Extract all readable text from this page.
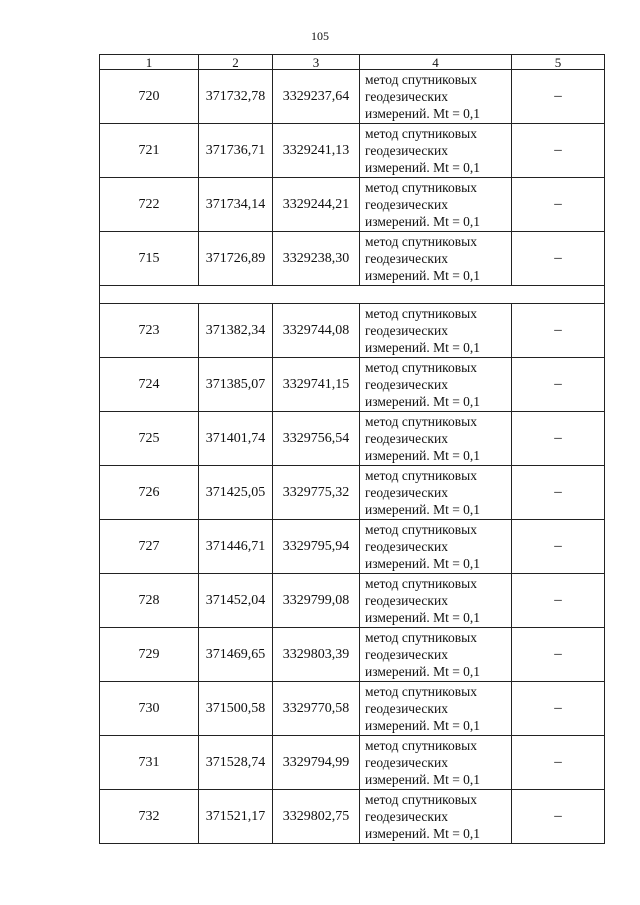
105
1	2	3	4	5
720	371732,78	3329237,64	метод спутниковых
геодезических
измерений. Mt = 0,1	–
721	371736,71	3329241,13	метод спутниковых
геодезических
измерений. Mt = 0,1	–
722	371734,14	3329244,21	метод спутниковых
геодезических
измерений. Mt = 0,1	–
715	371726,89	3329238,30	метод спутниковых
геодезических
измерений. Mt = 0,1	–

723	371382,34	3329744,08	метод спутниковых
геодезических
измерений. Mt = 0,1	–
724	371385,07	3329741,15	метод спутниковых
геодезических
измерений. Mt = 0,1	–
725	371401,74	3329756,54	метод спутниковых
геодезических
измерений. Mt = 0,1	–
726	371425,05	3329775,32	метод спутниковых
геодезических
измерений. Mt = 0,1	–
727	371446,71	3329795,94	метод спутниковых
геодезических
измерений. Mt = 0,1	–
728	371452,04	3329799,08	метод спутниковых
геодезических
измерений. Mt = 0,1	–
729	371469,65	3329803,39	метод спутниковых
геодезических
измерений. Mt = 0,1	–
730	371500,58	3329770,58	метод спутниковых
геодезических
измерений. Mt = 0,1	–
731	371528,74	3329794,99	метод спутниковых
геодезических
измерений. Mt = 0,1	–
732	371521,17	3329802,75	метод спутниковых
геодезических
измерений. Mt = 0,1	–
